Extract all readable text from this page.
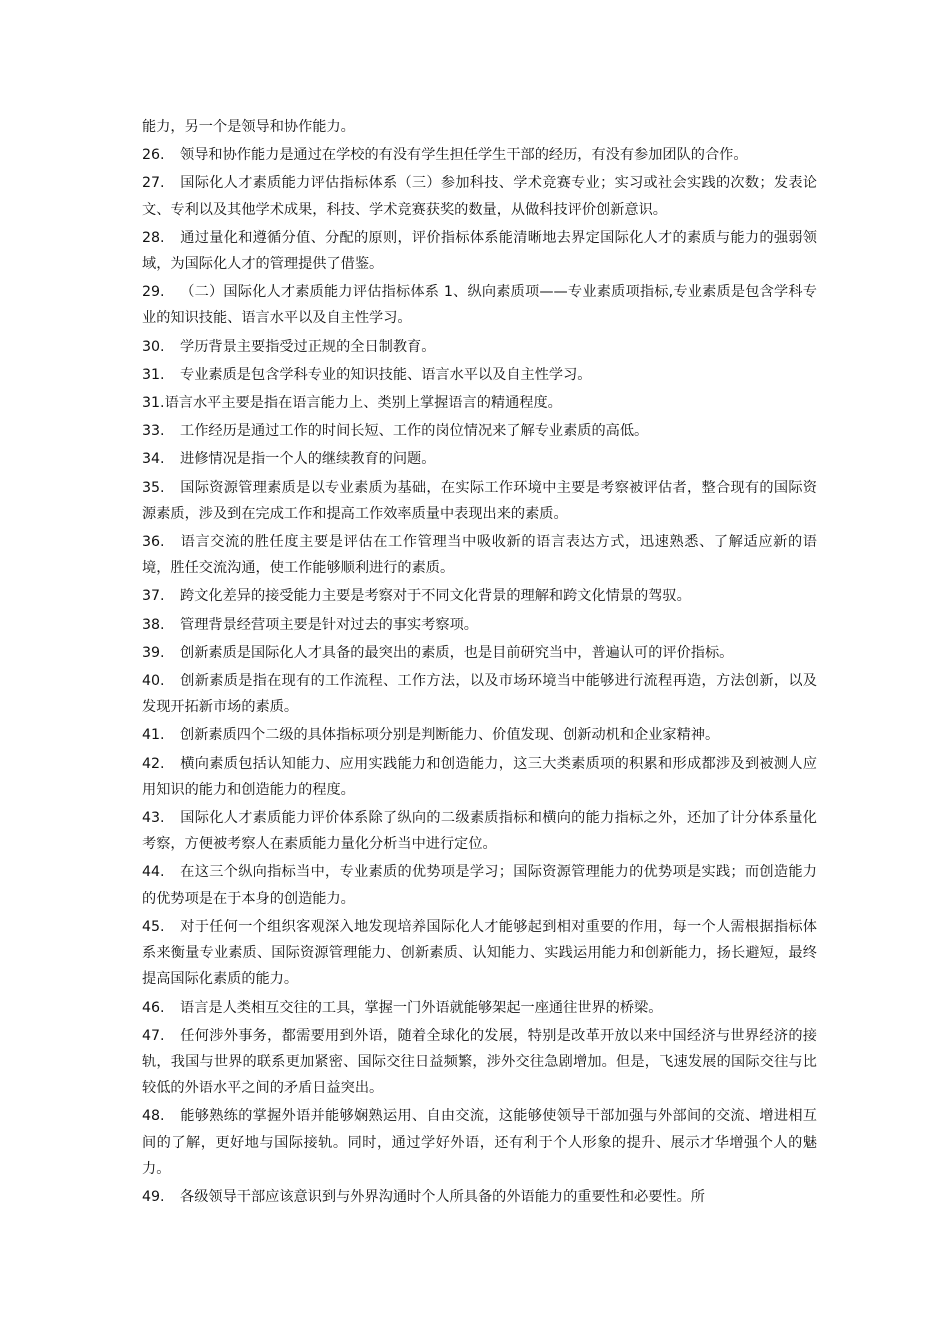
能力，另一个是领导和协作能力。
26. 领导和协作能力是通过在学校的有没有学生担任学生干部的经历，有没有参加团队的合作。
27. 国际化人才素质能力评估指标体系（三）参加科技、学术竞赛专业；实习或社会实践的次数；发表论文、专利以及其他学术成果，科技、学术竞赛获奖的数量，从做科技评价创新意识。
28. 通过量化和遵循分值、分配的原则，评价指标体系能清晰地去界定国际化人才的素质与能力的强弱领域，为国际化人才的管理提供了借鉴。
29. （二）国际化人才素质能力评估指标体系 1、纵向素质项——专业素质项指标,专业素质是包含学科专业的知识技能、语言水平以及自主性学习。
30. 学历背景主要指受过正规的全日制教育。
31. 专业素质是包含学科专业的知识技能、语言水平以及自主性学习。
31.语言水平主要是指在语言能力上、类别上掌握语言的精通程度。
33. 工作经历是通过工作的时间长短、工作的岗位情况来了解专业素质的高低。
34. 进修情况是指一个人的继续教育的问题。
35. 国际资源管理素质是以专业素质为基础，在实际工作环境中主要是考察被评估者，整合现有的国际资源素质，涉及到在完成工作和提高工作效率质量中表现出来的素质。
36. 语言交流的胜任度主要是评估在工作管理当中吸收新的语言表达方式，迅速熟悉、了解适应新的语境，胜任交流沟通，使工作能够顺利进行的素质。
37. 跨文化差异的接受能力主要是考察对于不同文化背景的理解和跨文化情景的驾驭。
38. 管理背景经营项主要是针对过去的事实考察项。
39. 创新素质是国际化人才具备的最突出的素质，也是目前研究当中，普遍认可的评价指标。
40. 创新素质是指在现有的工作流程、工作方法，以及市场环境当中能够进行流程再造，方法创新，以及发现开拓新市场的素质。
41. 创新素质四个二级的具体指标项分别是判断能力、价值发现、创新动机和企业家精神。
42. 横向素质包括认知能力、应用实践能力和创造能力，这三大类素质项的积累和形成都涉及到被测人应用知识的能力和创造能力的程度。
43. 国际化人才素质能力评价体系除了纵向的二级素质指标和横向的能力指标之外，还加了计分体系量化考察，方便被考察人在素质能力量化分析当中进行定位。
44. 在这三个纵向指标当中，专业素质的优势项是学习；国际资源管理能力的优势项是实践；而创造能力的优势项是在于本身的创造能力。
45. 对于任何一个组织客观深入地发现培养国际化人才能够起到相对重要的作用，每一个人需根据指标体系来衡量专业素质、国际资源管理能力、创新素质、认知能力、实践运用能力和创新能力，扬长避短，最终提高国际化素质的能力。
46. 语言是人类相互交往的工具，掌握一门外语就能够架起一座通往世界的桥梁。
47. 任何涉外事务，都需要用到外语，随着全球化的发展，特别是改革开放以来中国经济与世界经济的接轨，我国与世界的联系更加紧密、国际交往日益频繁，涉外交往急剧增加。但是，飞速发展的国际交往与比较低的外语水平之间的矛盾日益突出。
48. 能够熟练的掌握外语并能够娴熟运用、自由交流，这能够使领导干部加强与外部间的交流、增进相互间的了解，更好地与国际接轨。同时，通过学好外语，还有利于个人形象的提升、展示才华增强个人的魅力。
49. 各级领导干部应该意识到与外界沟通时个人所具备的外语能力的重要性和必要性。所
